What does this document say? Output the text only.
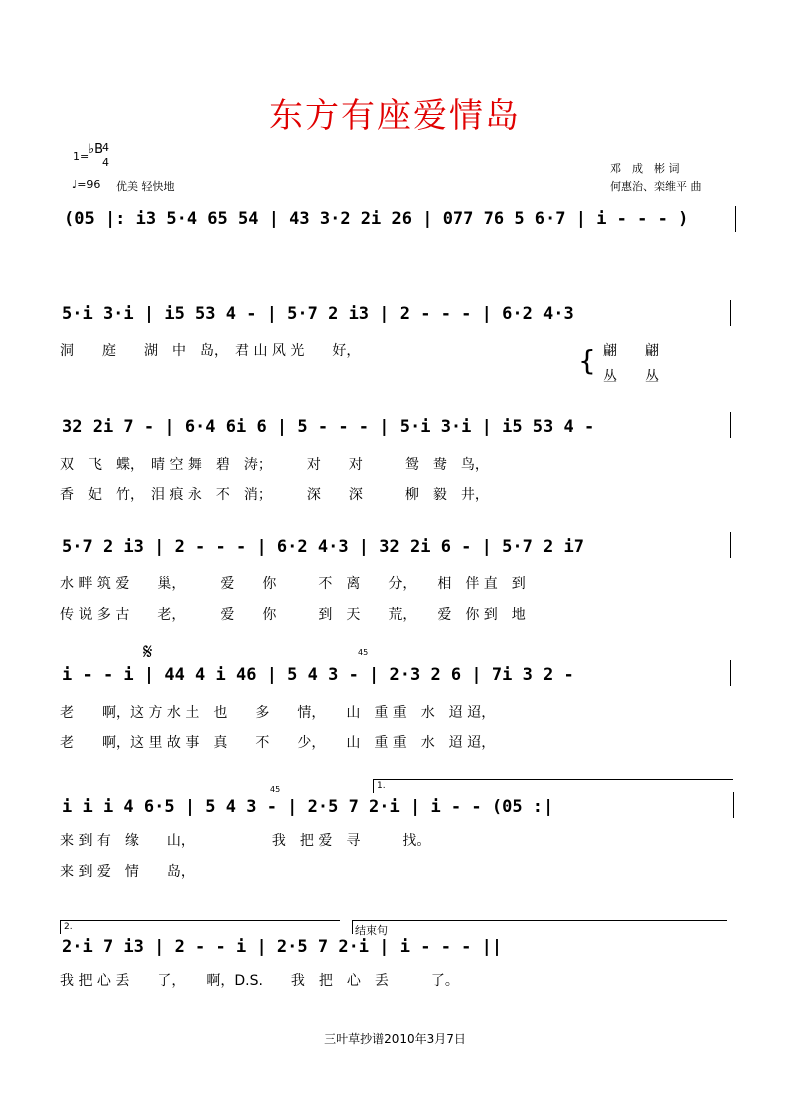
东方有座爱情岛
1=
♭B
4
4
♩=96 优美 轻快地
邓　成　彬 词
何惠治、栾维平 曲
(05 |: i3 5·4 65 54 | 43 3·2 2i 26 | 077 76 5 6·7 | i - - - )
5·i 3·i | i5 53 4 - | 5·7 2 i3 | 2 - - - | 6·2 4·3
洞　　庭　　湖　中　岛，　君 山 风 光　　好，	{ 翩　　翩
丛　　丛
32 2i 7 - | 6·4 6i 6 | 5 - - - | 5·i 3·i | i5 53 4 -
双　飞　蝶，　晴 空 舞　碧　涛；　　　对　　对　　　鸳　鸯　鸟，
香　妃　竹，　泪 痕 永　不　消；　　　深　　深　　　柳　毅　井，
5·7 2 i3 | 2 - - - | 6·2 4·3 | 32 2i 6 - | 5·7 2 i7
水 畔 筑 爱　　巢，　　　爱　　你　　　不　离　　分，　　相　伴 直　到
传 说 多 古　　老，　　　爱　　你　　　到　天　　荒，　　爱　你 到　地
𝄋	45
i - - i | 44 4 i 46 | 5 4 3 - | 2·3 2 6 | 7i 3 2 -
老　　啊，这 方 水 土　也　　多　　情，　　山　重 重　水　迢 迢，
老　　啊，这 里 故 事　真　　不　　少，　　山　重 重　水　迢 迢，
1.
45
i i i 4 6·5 | 5 4 3 - | 2·5 7 2·i | i - - (05 :|
来 到 有　缘　　山，　　　　　　我　把 爱　寻　　　找。
来 到 爱　情　　岛，
2.	结束句
2·i 7 i3 | 2 - - i | 2·5 7 2·i | i - - - ||
我 把 心 丢　　了，　　啊，D.S.　　我　把　心　丢　　　了。
三叶草抄谱2010年3月7日
